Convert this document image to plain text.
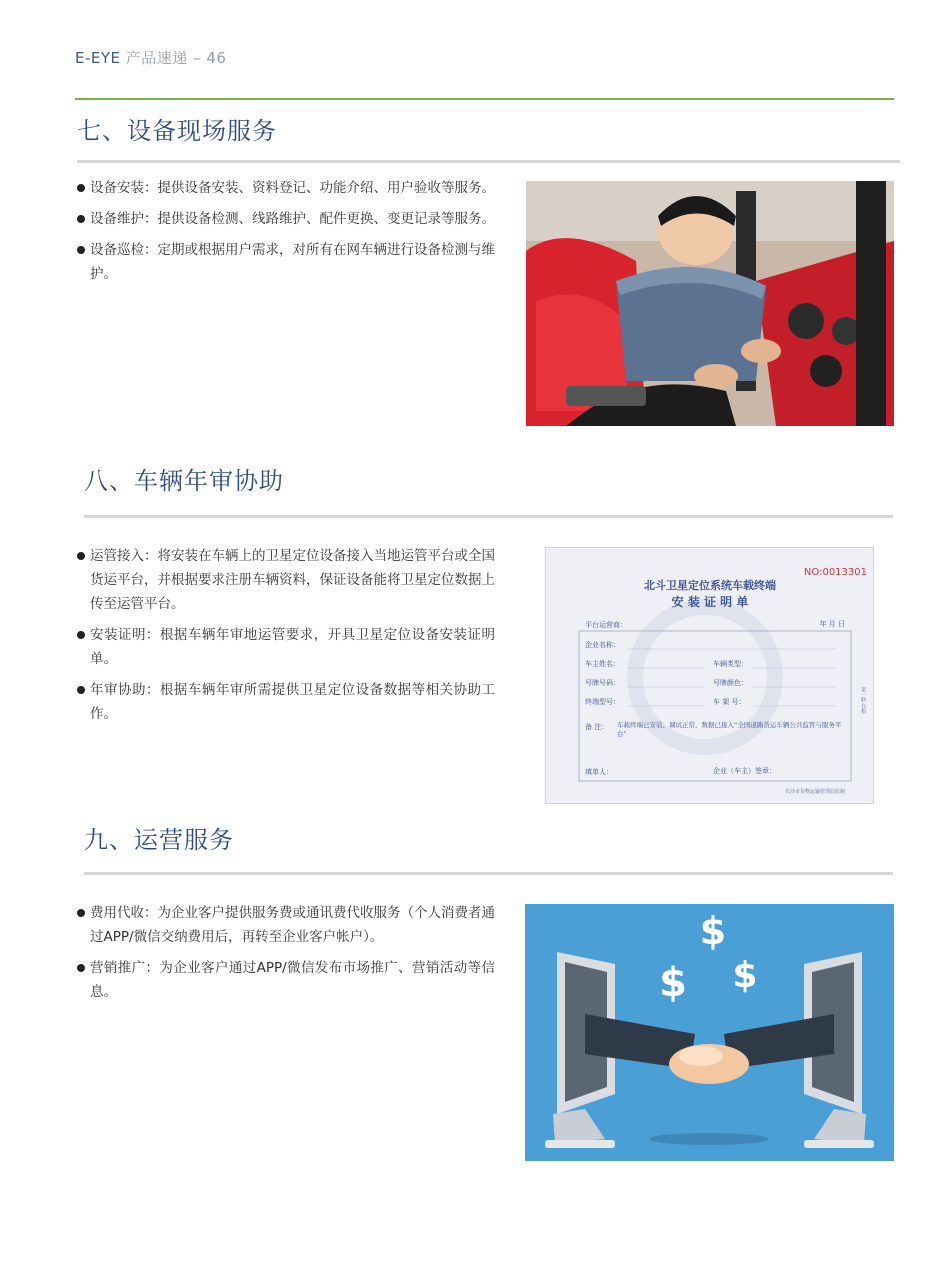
E-EYE 产品速递 – 46
七、设备现场服务
设备安装：提供设备安装、资料登记、功能介绍、用户验收等服务。
设备维护：提供设备检测、线路维护、配件更换、变更记录等服务。
设备巡检：定期或根据用户需求，对所有在网车辆进行设备检测与维护。
八、车辆年审协助
运管接入：将安装在车辆上的卫星定位设备接入当地运管平台或全国货运平台，并根据要求注册车辆资料，保证设备能将卫星定位数据上传至运管平台。
安装证明：根据车辆年审地运管要求，开具卫星定位设备安装证明单。
年审协助：根据车辆年审所需提供卫星定位设备数据等相关协助工作。
NO:0013301
北斗卫星定位系统车载终端
安 装 证 明 单
平台运营商：	年 月 日
企业名称：
车主姓名：	车辆类型：
号牌号码：	号牌颜色：
终端型号：	车 架 号：
备 注： 车载终端已安装、调试正常，数据已接入“全国道路货运车辆公共监管与服务平台”
填单人：	企业（车主）签章：
长沙市货物运输管理局监制
第一联 存根
九、运营服务
费用代收：为企业客户提供服务费或通讯费代收服务（个人消费者通过APP/微信交纳费用后，再转至企业客户帐户）。
营销推广：为企业客户通过APP/微信发布市场推广、营销活动等信息。
$
$ $
